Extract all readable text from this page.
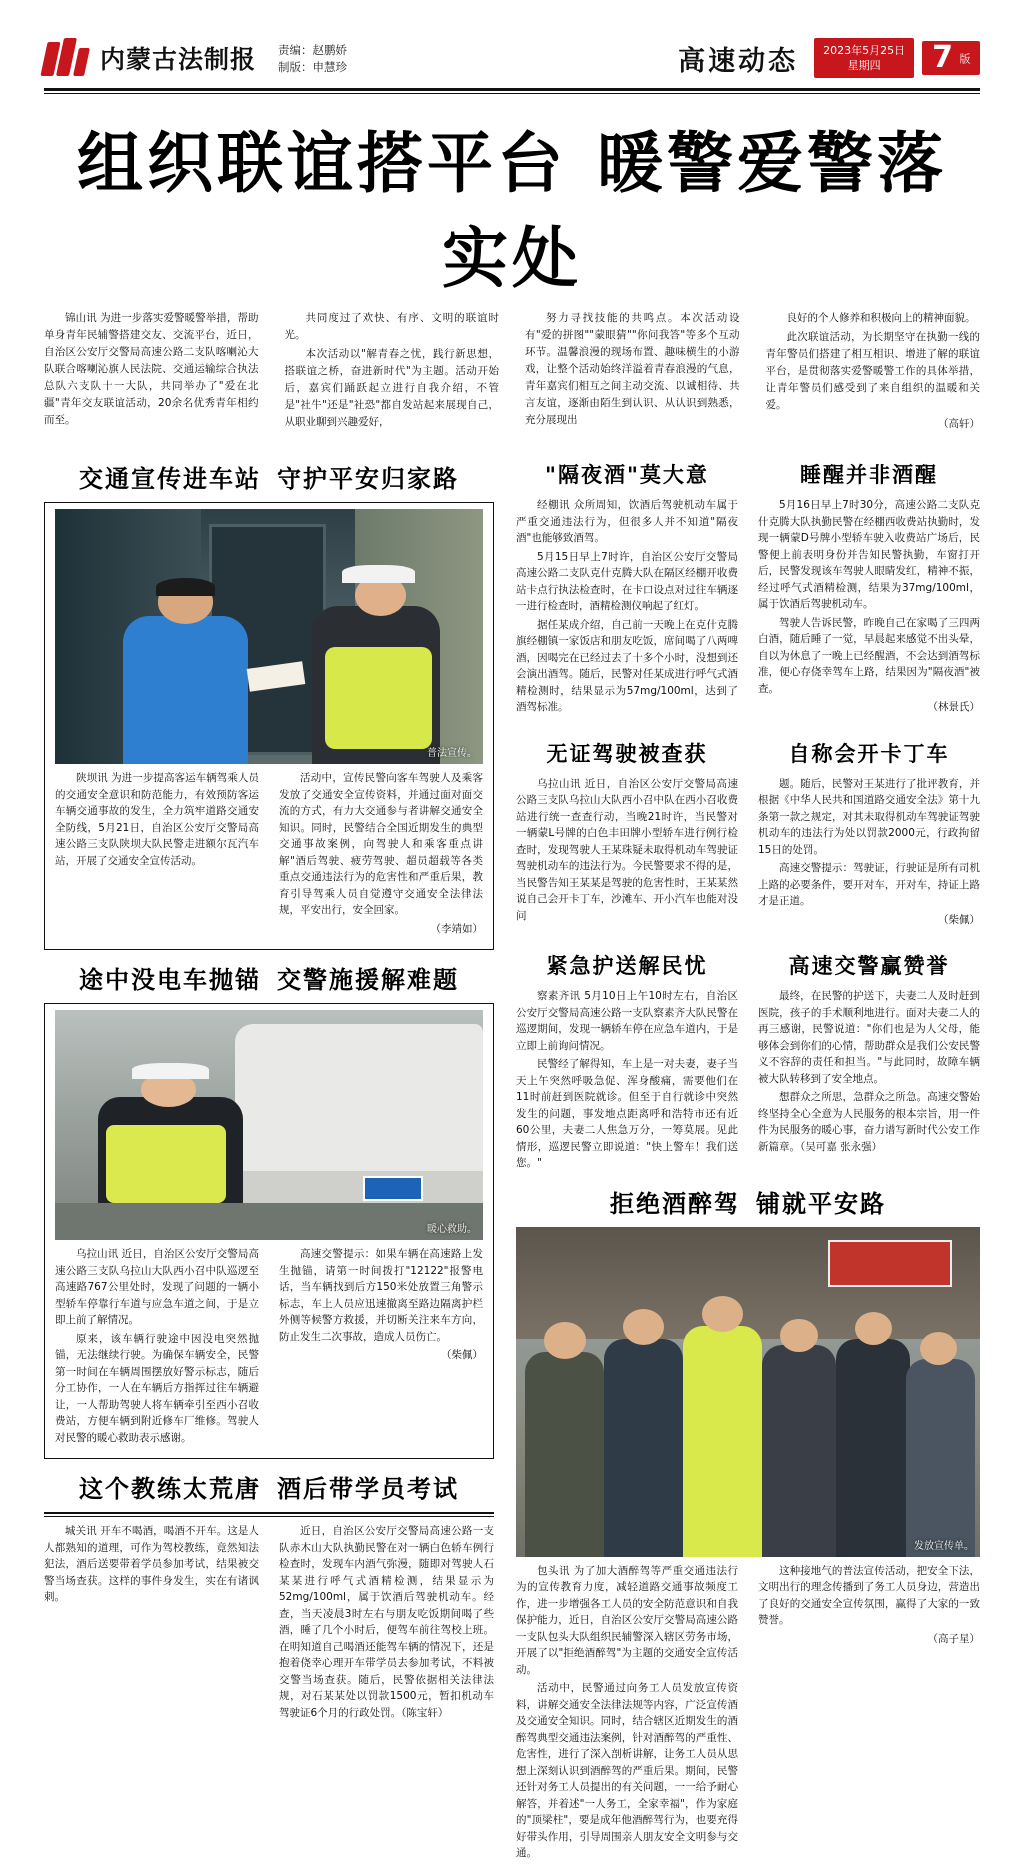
内蒙古法制报 责编：赵鹏娇
制版：申慧珍	高速动态 2023年5月25日
星期四	7 版
组织联谊搭平台 暖警爱警落实处

锦山讯 为进一步落实爱警暖警举措，帮助单身青年民辅警搭建交友、交流平台，近日，自治区公安厅交警局高速公路二支队喀喇沁大队联合喀喇沁旗人民法院、交通运输综合执法总队六支队十一大队，共同举办了"爱在北疆"青年交友联谊活动，20余名优秀青年相约而至。

共同度过了欢快、有序、文明的联谊时光。

本次活动以"解青春之忧，践行新思想，搭联谊之桥，奋进新时代"为主题。活动开始后，嘉宾们踊跃起立进行自我介绍，不管是"社牛"还是"社恐"都自发站起来展现自己，从职业聊到兴趣爱好，

努力寻找技能的共鸣点。本次活动设有"爱的拼图""蒙眼猜""你问我答"等多个互动环节。温馨浪漫的现场布置、趣味横生的小游戏，让整个活动始终洋溢着青春浪漫的气息，青年嘉宾们相互之间主动交流、以诚相待、共言友谊，逐渐由陌生到认识、从认识到熟悉，充分展现出

良好的个人修养和积极向上的精神面貌。

此次联谊活动，为长期坚守在执勤一线的青年警员们搭建了相互相识、增进了解的联谊平台，是贯彻落实爱警暖警工作的具体举措，让青年警员们感受到了来自组织的温暖和关爱。

（高轩）

交通宣传进车站 守护平安归家路
普法宣传。

陕坝讯 为进一步提高客运车辆驾乘人员的交通安全意识和防范能力，有效预防客运车辆交通事故的发生，全力筑牢道路交通安全防线，5月21日，自治区公安厅交警局高速公路三支队陕坝大队民警走进额尔瓦汽车站，开展了交通安全宣传活动。

活动中，宣传民警向客车驾驶人及乘客发放了交通安全宣传资料，并通过面对面交流的方式，有力大交通参与者讲解交通安全知识。同时，民警结合全国近期发生的典型交通事故案例，向驾驶人和乘客重点讲解"酒后驾驶、疲劳驾驶、超员超载等各类重点交通违法行为的危害性和严重后果，教育引导驾乘人员自觉遵守交通安全法律法规，平安出行，安全回家。

（李靖如）

途中没电车抛锚 交警施援解难题
暖心救助。

乌拉山讯 近日，自治区公安厅交警局高速公路三支队乌拉山大队西小召中队巡逻至高速路767公里处时，发现了问题的一辆小型轿车停靠行车道与应急车道之间，于是立即上前了解情况。

原来，该车辆行驶途中因没电突然抛锚，无法继续行驶。为确保车辆安全，民警第一时间在车辆周围摆放好警示标志，随后分工协作，一人在车辆后方指挥过往车辆避让，一人帮助驾驶人将车辆牵引至西小召收费站，方便车辆到附近修车厂维修。驾驶人对民警的暖心救助表示感谢。

高速交警提示：如果车辆在高速路上发生抛锚，请第一时间拨打"12122"报警电话，当车辆找到后方150米处放置三角警示标志，车上人员应迅速撤离至路边隔离护栏外侧等候警方救援，并切断关注来车方向，防止发生二次事故，造成人员伤亡。

（柴佩）

这个教练太荒唐 酒后带学员考试

城关讯 开车不喝酒，喝酒不开车。这是人人都熟知的道理，可作为驾校教练，竟然知法犯法，酒后送要带着学员参加考试，结果被交警当场查获。这样的事件身发生，实在有诸讽刺。

近日，自治区公安厅交警局高速公路一支队赤木山大队执勤民警在对一辆白色轿车例行检查时，发现车内酒气弥漫，随即对驾驶人石某某进行呼气式酒精检测，结果显示为52mg/100ml，属于饮酒后驾驶机动车。经查，当天凌晨3时左右与朋友吃饭期间喝了些酒，睡了几个小时后，便驾车前往驾校上班。在明知道自己喝酒还能驾车辆的情况下，还是抱着侥幸心理开车带学员去参加考试，不料被交警当场查获。随后，民警依据相关法律法规，对石某某处以罚款1500元，暂扣机动车驾驶证6个月的行政处罚。（陈宝轩）

"隔夜酒"莫大意

经棚讯 众所周知，饮酒后驾驶机动车属于严重交通违法行为，但很多人并不知道"隔夜酒"也能够致酒驾。

5月15日早上7时许，自治区公安厅交警局高速公路二支队克什克腾大队在隔区经棚开收费站卡点行执法检查时，在卡口设点对过往车辆逐一进行检查时，酒精检测仪响起了红灯。

据任某成介绍，自己前一天晚上在克什克腾旗经棚镇一家饭店和朋友吃饭，席间喝了八两啤酒，因喝完在已经过去了十多个小时，没想到还会演出酒驾。随后，民警对任某成进行呼气式酒精检测时，结果显示为57mg/100ml，达到了酒驾标准。

睡醒并非酒醒

5月16日早上7时30分，高速公路二支队克什克腾大队执勤民警在经棚西收费站执勤时，发现一辆蒙D号牌小型轿车驶入收费站广场后，民警便上前表明身份并告知民警执勤，车窗打开后，民警发现该车驾驶人眼睛发红，精神不振，经过呼气式酒精检测，结果为37mg/100ml，属于饮酒后驾驶机动车。

驾驶人告诉民警，昨晚自己在家喝了三四两白酒，随后睡了一觉，早晨起来感觉不出头晕，自以为休息了一晚上已经醒酒，不会达到酒驾标准，便心存侥幸驾车上路，结果因为"隔夜酒"被查。

（林景氏）

无证驾驶被查获

乌拉山讯 近日，自治区公安厅交警局高速公路三支队乌拉山大队西小召中队在西小召收费站进行统一查查行动，当晚21时许，当民警对一辆蒙L号牌的白色丰田牌小型轿车进行例行检查时，发现驾驶人王某珠疑未取得机动车驾驶证驾驶机动车的违法行为。今民警要求不得的是，当民警告知王某某是驾驶的危害性时，王某某然说自己会开卡丁车，沙滩车、开小汽车也能对没问

自称会开卡丁车

题。随后，民警对王某进行了批评教育，并根据《中华人民共和国道路交通安全法》第十九条第一款之规定，对其未取得机动车驾驶证驾驶机动车的违法行为处以罚款2000元，行政拘留15日的处罚。

高速交警提示：驾驶证，行驶证是所有司机上路的必要条件，要开对车，开对车，持证上路才是正道。

（柴佩）

紧急护送解民忧

察素齐讯 5月10日上午10时左右，自治区公安厅交警局高速公路一支队察素齐大队民警在巡逻期间，发现一辆轿车停在应急车道内，于是立即上前询问情况。

民警经了解得知，车上是一对夫妻，妻子当天上午突然呼吸急促、浑身酸痛，需要他们在11时前赶到医院就诊。但至于自行就诊中突然发生的问题，事发地点距离呼和浩特市还有近60公里，夫妻二人焦急万分，一筹莫展。见此情形，巡逻民警立即说道："快上警车！我们送您。"

高速交警赢赞誉

最终，在民警的护送下，夫妻二人及时赶到医院，孩子的手术顺利地进行。面对夫妻二人的再三感谢，民警说道："你们也是为人父母，能够体会到你们的心情，帮助群众是我们公安民警义不容辞的责任和担当。"与此同时，故障车辆被大队转移到了安全地点。

想群众之所思，急群众之所急。高速交警始终坚持全心全意为人民服务的根本宗旨，用一件件为民服务的暖心事，奋力谱写新时代公安工作新篇章。（吴可嘉 张永强）

拒绝酒醉驾 铺就平安路
发放宣传单。

包头讯 为了加大酒醉驾等严重交通违法行为的宣传教育力度，减轻道路交通事故频度工作，进一步增强各工人员的安全防范意识和自我保护能力，近日，自治区公安厅交警局高速公路一支队包头大队组织民辅警深入辖区劳务市场，开展了以"拒绝酒醉驾"为主题的交通安全宣传活动。

活动中，民警通过向务工人员发放宣传资料，讲解交通安全法律法规等内容，广泛宣传酒及交通安全知识。同时，结合辖区近期发生的酒醉驾典型交通违法案例，针对酒醉驾的严重性、危害性，进行了深入剖析讲解，让务工人员从思想上深刻认识到酒醉驾的严重后果。期间，民警还针对务工人员提出的有关问题，一一给予耐心解答，并着述"一人务工，全家幸福"，作为家庭的"顶梁柱"，要是成年他酒醉驾行为，也要充得好带头作用，引导周围亲人朋友安全文明参与交通。

这种接地气的普法宣传活动，把安全下法，文明出行的理念传播到了务工人员身边，营造出了良好的交通安全宣传氛围，赢得了大家的一致赞誉。

（高子星）
